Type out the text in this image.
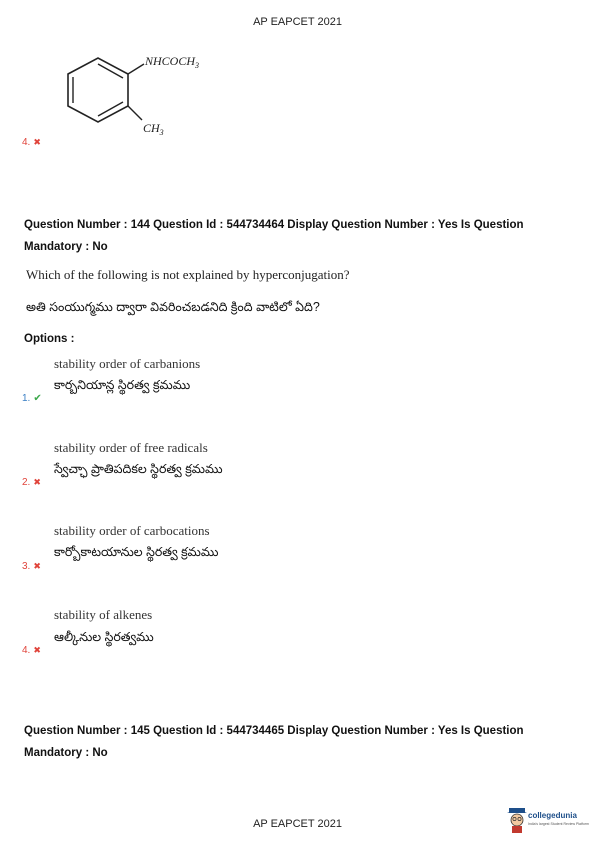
AP EAPCET 2021
$NHCOCH_3$
$CH_3$
4. ✖
Question Number : 144 Question Id : 544734464 Display Question Number : Yes Is Question
Mandatory : No
Which of the following is not explained by hyperconjugation?
అతి సంయుగ్మము ద్వారా వివరించబడనిది క్రింది వాటిలో ఏది?
Options :
stability order of carbanions
కార్బనియాన్ల స్థిరత్వ క్రమము
1. ✔
stability order of free radicals
స్వేచ్ఛా ప్రాతిపదికల స్థిరత్వ క్రమము
2. ✖
stability order of carbocations
కార్బోకాటయానుల స్థిరత్వ క్రమము
3. ✖
stability of alkenes
ఆల్కీనుల స్థిరత్వము
4. ✖
Question Number : 145 Question Id : 544734465 Display Question Number : Yes Is Question
Mandatory : No
AP EAPCET 2021
collegedunia
India's largest Student Review Platform
